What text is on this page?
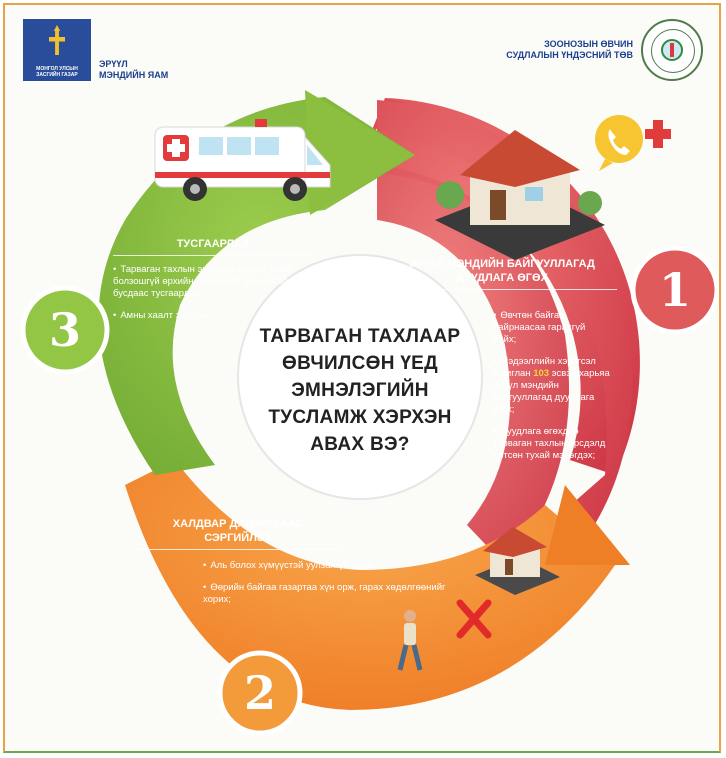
МОНГОЛ УЛСЫН ЗАСГИЙН ГАЗАР
ЭРҮҮЛ
МЭНДИЙН ЯАМ
ЗООНОЗЫН ӨВЧИН
СУДЛАЛЫН ҮНДЭСНИЙ ТӨВ
1
2
3	ТАРВАГАН ТАХЛААР ӨВЧИЛСӨН ҮЕД ЭМНЭЛЭГИЙН ТУСЛАМЖ ХЭРХЭН АВАХ ВЭ?
ТУСГААРЛАХ
• Тарваган тахлын эрсдэлд өртсөн байж болзошгүй өрхийн гишүүнийг эмч иртэл бусдаас тусгаарлах;
• Амны хаалт зүүлгэх;
ЭРҮҮЛ МЭНДИЙН БАЙГУУЛЛАГАД
ДУУДЛАГА ӨГӨХ
• Өвчтөн байгаа байрнаасаа гарахгүй байх;
• Мэдээллийн хэрэгсэл ашиглан 103 эсвэл харьяа эрүүл мэндийн байгууллагад дуудлага өгөх;
• Дуудлага өгөхдөө тарваган тахлын эрсдэлд өртсөн тухай мэдэгдэх;
ХАЛДВАР ДАМЖИХААС
СЭРГИЙЛЭХ
• Аль болох хүмүүстэй уулзахгүй байх;
• Өөрийн байгаа газартаа хүн орж, гарах хөдөлгөөнийг хорих;
